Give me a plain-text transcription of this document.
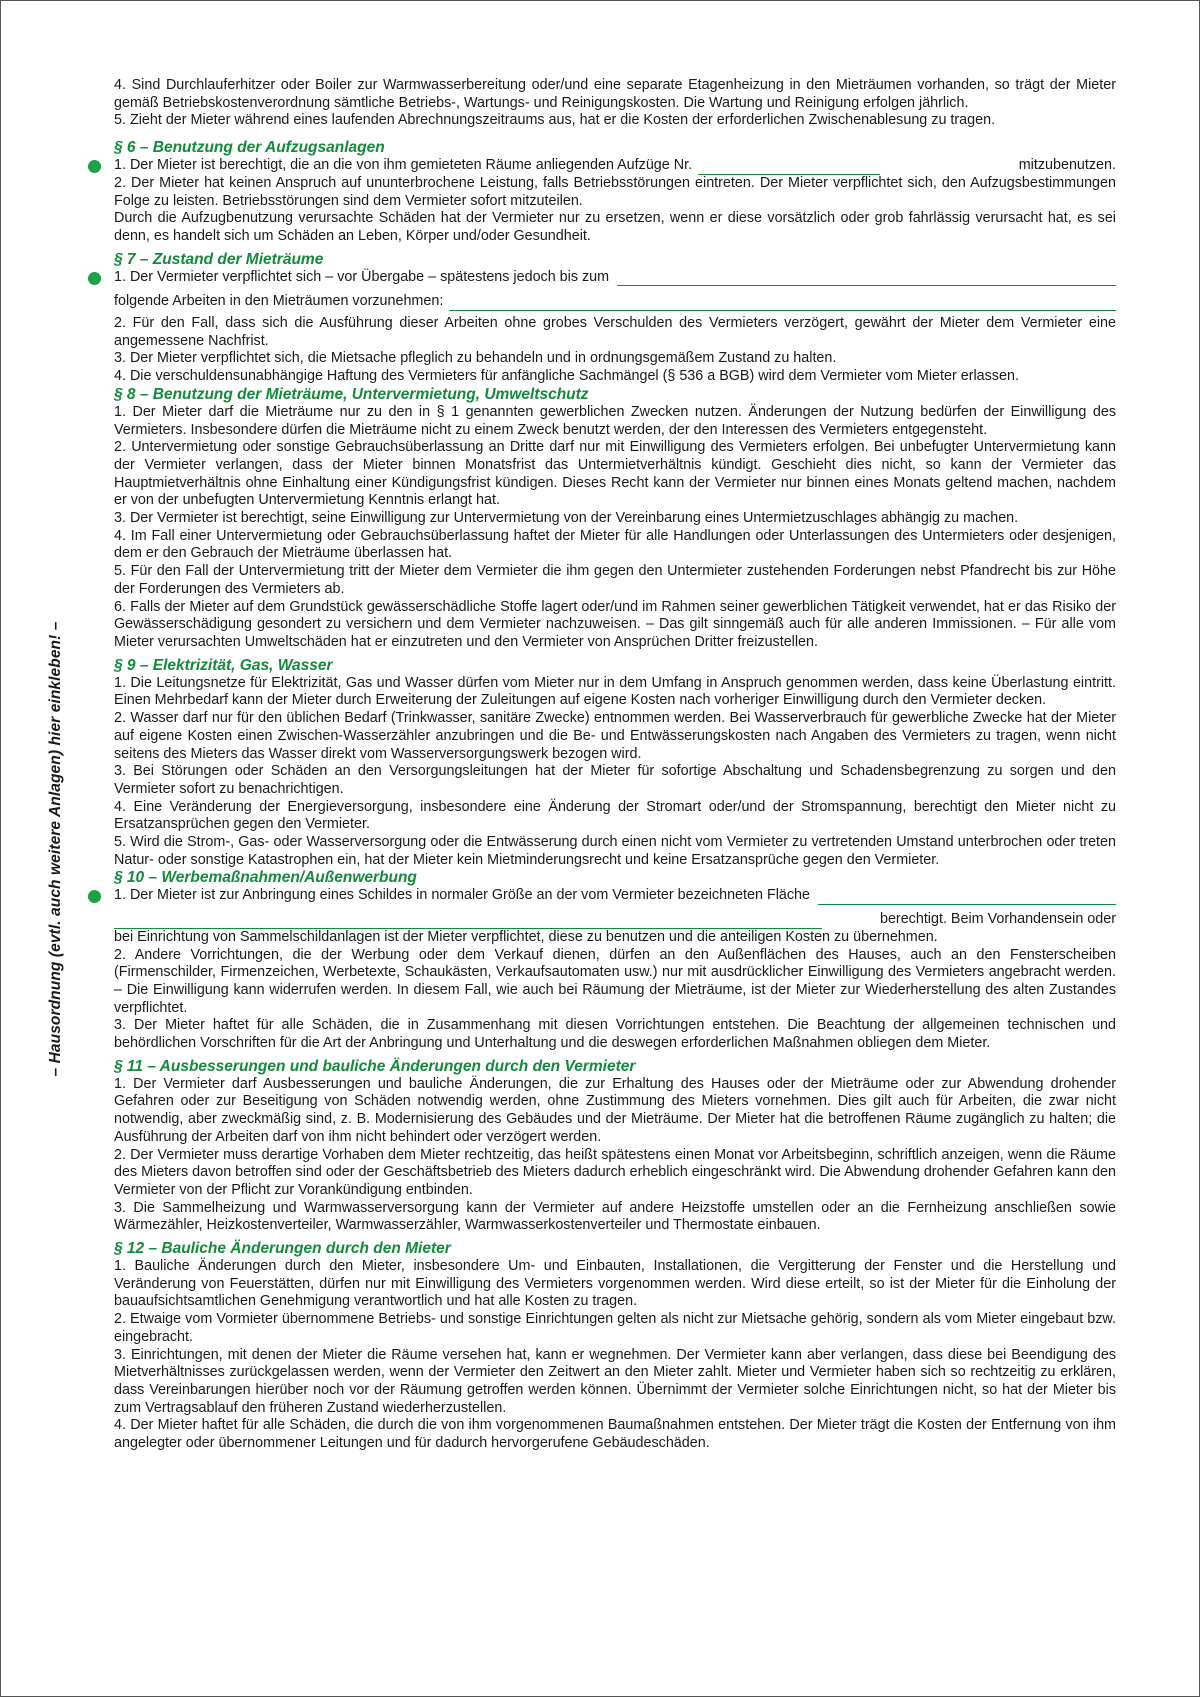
– Hausordnung (evtl. auch weitere Anlagen) hier einkleben! –

4. Sind Durchlauferhitzer oder Boiler zur Warmwasserbereitung oder/und eine separate Etagenheizung in den Mieträumen vorhanden, so trägt der Mieter gemäß Betriebskostenverordnung sämtliche Betriebs-, Wartungs- und Reinigungskosten. Die Wartung und Reinigung erfolgen jährlich.

5. Zieht der Mieter während eines laufenden Abrechnungszeitraums aus, hat er die Kosten der erforderlichen Zwischenablesung zu tragen.

§ 6 – Benutzung der Aufzugsanlagen

1. Der Mieter ist berechtigt, die an die von ihm gemieteten Räume anliegenden Aufzüge Nr.	mitzubenutzen.

2. Der Mieter hat keinen Anspruch auf ununterbrochene Leistung, falls Betriebsstörungen eintreten. Der Mieter verpflichtet sich, den Aufzugsbestimmungen Folge zu leisten. Betriebsstörungen sind dem Vermieter sofort mitzuteilen.

Durch die Aufzugbenutzung verursachte Schäden hat der Vermieter nur zu ersetzen, wenn er diese vorsätzlich oder grob fahrlässig verursacht hat, es sei denn, es handelt sich um Schäden an Leben, Körper und/oder Gesundheit.

§ 7 – Zustand der Mieträume

1. Der Vermieter verpflichtet sich – vor Übergabe – spätestens jedoch bis zum
folgende Arbeiten in den Mieträumen vorzunehmen:

2. Für den Fall, dass sich die Ausführung dieser Arbeiten ohne grobes Verschulden des Vermieters verzögert, gewährt der Mieter dem Vermieter eine angemessene Nachfrist.

3. Der Mieter verpflichtet sich, die Mietsache pfleglich zu behandeln und in ordnungsgemäßem Zustand zu halten.

4. Die verschuldensunabhängige Haftung des Vermieters für anfängliche Sachmängel (§ 536 a BGB) wird dem Vermieter vom Mieter erlassen.

§ 8 – Benutzung der Mieträume, Untervermietung, Umweltschutz

1. Der Mieter darf die Mieträume nur zu den in § 1 genannten gewerblichen Zwecken nutzen. Änderungen der Nutzung bedürfen der Einwilligung des Vermieters. Insbesondere dürfen die Mieträume nicht zu einem Zweck benutzt werden, der den Interessen des Vermieters entgegensteht.

2. Untervermietung oder sonstige Gebrauchsüberlassung an Dritte darf nur mit Einwilligung des Vermieters erfolgen. Bei unbefugter Untervermietung kann der Vermieter verlangen, dass der Mieter binnen Monatsfrist das Untermietverhältnis kündigt. Geschieht dies nicht, so kann der Vermieter das Hauptmietverhältnis ohne Einhaltung einer Kündigungsfrist kündigen. Dieses Recht kann der Vermieter nur binnen eines Monats geltend machen, nachdem er von der unbefugten Untervermietung Kenntnis erlangt hat.

3. Der Vermieter ist berechtigt, seine Einwilligung zur Untervermietung von der Vereinbarung eines Untermietzuschlages abhängig zu machen.

4. Im Fall einer Untervermietung oder Gebrauchsüberlassung haftet der Mieter für alle Handlungen oder Unterlassungen des Untermieters oder desjenigen, dem er den Gebrauch der Mieträume überlassen hat.

5. Für den Fall der Untervermietung tritt der Mieter dem Vermieter die ihm gegen den Untermieter zustehenden Forderungen nebst Pfandrecht bis zur Höhe der Forderungen des Vermieters ab.

6. Falls der Mieter auf dem Grundstück gewässerschädliche Stoffe lagert oder/und im Rahmen seiner gewerblichen Tätigkeit verwendet, hat er das Risiko der Gewässerschädigung gesondert zu versichern und dem Vermieter nachzuweisen. – Das gilt sinngemäß auch für alle anderen Immissionen. – Für alle vom Mieter verursachten Umweltschäden hat er einzutreten und den Vermieter von Ansprüchen Dritter freizustellen.

§ 9 – Elektrizität, Gas, Wasser

1. Die Leitungsnetze für Elektrizität, Gas und Wasser dürfen vom Mieter nur in dem Umfang in Anspruch genommen werden, dass keine Überlastung eintritt. Einen Mehrbedarf kann der Mieter durch Erweiterung der Zuleitungen auf eigene Kosten nach vorheriger Einwilligung durch den Vermieter decken.

2. Wasser darf nur für den üblichen Bedarf (Trinkwasser, sanitäre Zwecke) entnommen werden. Bei Wasserverbrauch für gewerbliche Zwecke hat der Mieter auf eigene Kosten einen Zwischen-Wasserzähler anzubringen und die Be- und Entwässerungskosten nach Angaben des Vermieters zu tragen, wenn nicht seitens des Mieters das Wasser direkt vom Wasserversorgungswerk bezogen wird.

3. Bei Störungen oder Schäden an den Versorgungsleitungen hat der Mieter für sofortige Abschaltung und Schadensbegrenzung zu sorgen und den Vermieter sofort zu benachrichtigen.

4. Eine Veränderung der Energieversorgung, insbesondere eine Änderung der Stromart oder/und der Stromspannung, berechtigt den Mieter nicht zu Ersatzansprüchen gegen den Vermieter.

5. Wird die Strom-, Gas- oder Wasserversorgung oder die Entwässerung durch einen nicht vom Vermieter zu vertretenden Umstand unterbrochen oder treten Natur- oder sonstige Katastrophen ein, hat der Mieter kein Mietminderungsrecht und keine Ersatzansprüche gegen den Vermieter.

§ 10 – Werbemaßnahmen/Außenwerbung

1. Der Mieter ist zur Anbringung eines Schildes in normaler Größe an der vom Vermieter bezeichneten Fläche
berechtigt. Beim Vorhandensein oder

bei Einrichtung von Sammelschildanlagen ist der Mieter verpflichtet, diese zu benutzen und die anteiligen Kosten zu übernehmen.

2. Andere Vorrichtungen, die der Werbung oder dem Verkauf dienen, dürfen an den Außenflächen des Hauses, auch an den Fensterscheiben (Firmenschilder, Firmenzeichen, Werbetexte, Schaukästen, Verkaufsautomaten usw.) nur mit ausdrücklicher Einwilligung des Vermieters angebracht werden. – Die Einwilligung kann widerrufen werden. In diesem Fall, wie auch bei Räumung der Mieträume, ist der Mieter zur Wiederherstellung des alten Zustandes verpflichtet.

3. Der Mieter haftet für alle Schäden, die in Zusammenhang mit diesen Vorrichtungen entstehen. Die Beachtung der allgemeinen technischen und behördlichen Vorschriften für die Art der Anbringung und Unterhaltung und die deswegen erforderlichen Maßnahmen obliegen dem Mieter.

§ 11 – Ausbesserungen und bauliche Änderungen durch den Vermieter

1. Der Vermieter darf Ausbesserungen und bauliche Änderungen, die zur Erhaltung des Hauses oder der Mieträume oder zur Abwendung drohender Gefahren oder zur Beseitigung von Schäden notwendig werden, ohne Zustimmung des Mieters vornehmen. Dies gilt auch für Arbeiten, die zwar nicht notwendig, aber zweckmäßig sind, z. B. Modernisierung des Gebäudes und der Mieträume. Der Mieter hat die betroffenen Räume zugänglich zu halten; die Ausführung der Arbeiten darf von ihm nicht behindert oder verzögert werden.

2. Der Vermieter muss derartige Vorhaben dem Mieter rechtzeitig, das heißt spätestens einen Monat vor Arbeitsbeginn, schriftlich anzeigen, wenn die Räume des Mieters davon betroffen sind oder der Geschäftsbetrieb des Mieters dadurch erheblich eingeschränkt wird. Die Abwendung drohender Gefahren kann den Vermieter von der Pflicht zur Vorankündigung entbinden.

3. Die Sammelheizung und Warmwasserversorgung kann der Vermieter auf andere Heizstoffe umstellen oder an die Fernheizung anschließen sowie Wärmezähler, Heizkostenverteiler, Warmwasserzähler, Warmwasserkostenverteiler und Thermostate einbauen.

§ 12 – Bauliche Änderungen durch den Mieter

1. Bauliche Änderungen durch den Mieter, insbesondere Um- und Einbauten, Installationen, die Vergitterung der Fenster und die Herstellung und Veränderung von Feuerstätten, dürfen nur mit Einwilligung des Vermieters vorgenommen werden. Wird diese erteilt, so ist der Mieter für die Einholung der bauaufsichtsamtlichen Genehmigung verantwortlich und hat alle Kosten zu tragen.

2. Etwaige vom Vormieter übernommene Betriebs- und sonstige Einrichtungen gelten als nicht zur Mietsache gehörig, sondern als vom Mieter eingebaut bzw. eingebracht.

3. Einrichtungen, mit denen der Mieter die Räume versehen hat, kann er wegnehmen. Der Vermieter kann aber verlangen, dass diese bei Beendigung des Mietverhältnisses zurückgelassen werden, wenn der Vermieter den Zeitwert an den Mieter zahlt. Mieter und Vermieter haben sich so rechtzeitig zu erklären, dass Vereinbarungen hierüber noch vor der Räumung getroffen werden können. Übernimmt der Vermieter solche Einrichtungen nicht, so hat der Mieter bis zum Vertragsablauf den früheren Zustand wiederherzustellen.

4. Der Mieter haftet für alle Schäden, die durch die von ihm vorgenommenen Baumaßnahmen entstehen. Der Mieter trägt die Kosten der Entfernung von ihm angelegter oder übernommener Leitungen und für dadurch hervorgerufene Gebäudeschäden.
